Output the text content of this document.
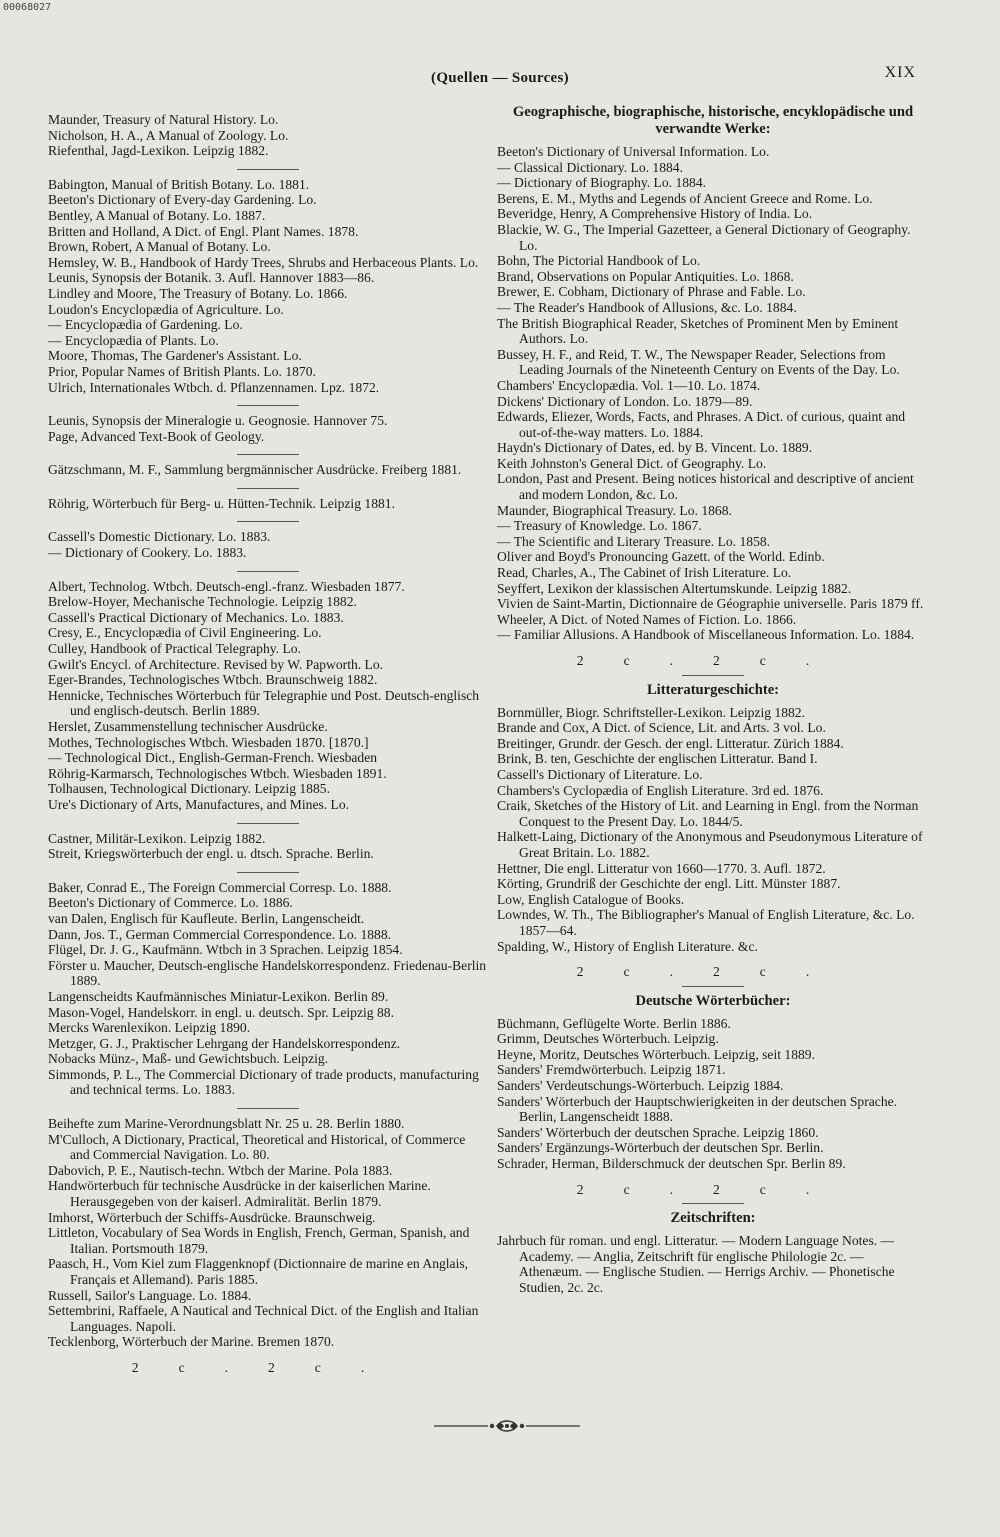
00068027
(Quellen — Sources)	XIX
Maunder, Treasury of Natural History. Lo.
Nicholson, H. A., A Manual of Zoology. Lo.
Riefenthal, Jagd-Lexikon. Leipzig 1882.
Babington, Manual of British Botany. Lo. 1881.
Beeton's Dictionary of Every-day Gardening. Lo.
Bentley, A Manual of Botany. Lo. 1887.
Britten and Holland, A Dict. of Engl. Plant Names. 1878.
Brown, Robert, A Manual of Botany. Lo.
Hemsley, W. B., Handbook of Hardy Trees, Shrubs and Herbaceous Plants. Lo.
Leunis, Synopsis der Botanik. 3. Aufl. Hannover 1883—86.
Lindley and Moore, The Treasury of Botany. Lo. 1866.
Loudon's Encyclopædia of Agriculture. Lo.
— Encyclopædia of Gardening. Lo.
— Encyclopædia of Plants. Lo.
Moore, Thomas, The Gardener's Assistant. Lo.
Prior, Popular Names of British Plants. Lo. 1870.
Ulrich, Internationales Wtbch. d. Pflanzennamen. Lpz. 1872.
Leunis, Synopsis der Mineralogie u. Geognosie. Hannover 75.
Page, Advanced Text-Book of Geology.
Gätzschmann, M. F., Sammlung bergmännischer Ausdrücke. Freiberg 1881.
Röhrig, Wörterbuch für Berg- u. Hütten-Technik. Leipzig 1881.
Cassell's Domestic Dictionary. Lo. 1883.
— Dictionary of Cookery. Lo. 1883.
Albert, Technolog. Wtbch. Deutsch-engl.-franz. Wiesbaden 1877.
Brelow-Hoyer, Mechanische Technologie. Leipzig 1882.
Cassell's Practical Dictionary of Mechanics. Lo. 1883.
Cresy, E., Encyclopædia of Civil Engineering. Lo.
Culley, Handbook of Practical Telegraphy. Lo.
Gwilt's Encycl. of Architecture. Revised by W. Papworth. Lo.
Eger-Brandes, Technologisches Wtbch. Braunschweig 1882.
Hennicke, Technisches Wörterbuch für Telegraphie und Post. Deutsch-englisch und englisch-deutsch. Berlin 1889.
Herslet, Zusammenstellung technischer Ausdrücke.
Mothes, Technologisches Wtbch. Wiesbaden 1870. [1870.]
— Technological Dict., English-German-French. Wiesbaden
Röhrig-Karmarsch, Technologisches Wtbch. Wiesbaden 1891.
Tolhausen, Technological Dictionary. Leipzig 1885.
Ure's Dictionary of Arts, Manufactures, and Mines. Lo.
Castner, Militär-Lexikon. Leipzig 1882.
Streit, Kriegswörterbuch der engl. u. dtsch. Sprache. Berlin.
Baker, Conrad E., The Foreign Commercial Corresp. Lo. 1888.
Beeton's Dictionary of Commerce. Lo. 1886.
van Dalen, Englisch für Kaufleute. Berlin, Langenscheidt.
Dann, Jos. T., German Commercial Correspondence. Lo. 1888.
Flügel, Dr. J. G., Kaufmänn. Wtbch in 3 Sprachen. Leipzig 1854.
Förster u. Maucher, Deutsch-englische Handelskorrespondenz. Friedenau-Berlin 1889.
Langenscheidts Kaufmännisches Miniatur-Lexikon. Berlin 89.
Mason-Vogel, Handelskorr. in engl. u. deutsch. Spr. Leipzig 88.
Mercks Warenlexikon. Leipzig 1890.
Metzger, G. J., Praktischer Lehrgang der Handelskorrespondenz.
Nobacks Münz-, Maß- und Gewichtsbuch. Leipzig.
Simmonds, P. L., The Commercial Dictionary of trade products, manufacturing and technical terms. Lo. 1883.
Beihefte zum Marine-Verordnungsblatt Nr. 25 u. 28. Berlin 1880.
M'Culloch, A Dictionary, Practical, Theoretical and Historical, of Commerce and Commercial Navigation. Lo. 80.
Dabovich, P. E., Nautisch-techn. Wtbch der Marine. Pola 1883.
Handwörterbuch für technische Ausdrücke in der kaiserlichen Marine. Herausgegeben von der kaiserl. Admiralität. Berlin 1879.
Imhorst, Wörterbuch der Schiffs-Ausdrücke. Braunschweig.
Littleton, Vocabulary of Sea Words in English, French, German, Spanish, and Italian. Portsmouth 1879.
Paasch, H., Vom Kiel zum Flaggenknopf (Dictionnaire de marine en Anglais, Français et Allemand). Paris 1885.
Russell, Sailor's Language. Lo. 1884.
Settembrini, Raffaele, A Nautical and Technical Dict. of the English and Italian Languages. Napoli.
Tecklenborg, Wörterbuch der Marine. Bremen 1870.
2c.2c.
Geographische, biographische, historische, encyklopädische und verwandte Werke:
Beeton's Dictionary of Universal Information. Lo.
— Classical Dictionary. Lo. 1884.
— Dictionary of Biography. Lo. 1884.
Berens, E. M., Myths and Legends of Ancient Greece and Rome. Lo.
Beveridge, Henry, A Comprehensive History of India. Lo.
Blackie, W. G., The Imperial Gazetteer, a General Dictionary of Geography. Lo.
Bohn, The Pictorial Handbook of Lo.
Brand, Observations on Popular Antiquities. Lo. 1868.
Brewer, E. Cobham, Dictionary of Phrase and Fable. Lo.
— The Reader's Handbook of Allusions, &c. Lo. 1884.
The British Biographical Reader, Sketches of Prominent Men by Eminent Authors. Lo.
Bussey, H. F., and Reid, T. W., The Newspaper Reader, Selections from Leading Journals of the Nineteenth Century on Events of the Day. Lo.
Chambers' Encyclopædia. Vol. 1—10. Lo. 1874.
Dickens' Dictionary of London. Lo. 1879—89.
Edwards, Eliezer, Words, Facts, and Phrases. A Dict. of curious, quaint and out-of-the-way matters. Lo. 1884.
Haydn's Dictionary of Dates, ed. by B. Vincent. Lo. 1889.
Keith Johnston's General Dict. of Geography. Lo.
London, Past and Present. Being notices historical and descriptive of ancient and modern London, &c. Lo.
Maunder, Biographical Treasury. Lo. 1868.
— Treasury of Knowledge. Lo. 1867.
— The Scientific and Literary Treasure. Lo. 1858.
Oliver and Boyd's Pronouncing Gazett. of the World. Edinb.
Read, Charles, A., The Cabinet of Irish Literature. Lo.
Seyffert, Lexikon der klassischen Altertumskunde. Leipzig 1882.
Vivien de Saint-Martin, Dictionnaire de Géographie universelle. Paris 1879 ff.
Wheeler, A Dict. of Noted Names of Fiction. Lo. 1866.
— Familiar Allusions. A Handbook of Miscellaneous Information. Lo. 1884.
2c.2c.
Litteraturgeschichte:
Bornmüller, Biogr. Schriftsteller-Lexikon. Leipzig 1882.
Brande and Cox, A Dict. of Science, Lit. and Arts. 3 vol. Lo.
Breitinger, Grundr. der Gesch. der engl. Litteratur. Zürich 1884.
Brink, B. ten, Geschichte der englischen Litteratur. Band I.
Cassell's Dictionary of Literature. Lo.
Chambers's Cyclopædia of English Literature. 3rd ed. 1876.
Craik, Sketches of the History of Lit. and Learning in Engl. from the Norman Conquest to the Present Day. Lo. 1844/5.
Halkett-Laing, Dictionary of the Anonymous and Pseudonymous Literature of Great Britain. Lo. 1882.
Hettner, Die engl. Litteratur von 1660—1770. 3. Aufl. 1872.
Körting, Grundriß der Geschichte der engl. Litt. Münster 1887.
Low, English Catalogue of Books.
Lowndes, W. Th., The Bibliographer's Manual of English Literature, &c. Lo. 1857—64.
Spalding, W., History of English Literature. &c.
2c.2c.
Deutsche Wörterbücher:
Büchmann, Geflügelte Worte. Berlin 1886.
Grimm, Deutsches Wörterbuch. Leipzig.
Heyne, Moritz, Deutsches Wörterbuch. Leipzig, seit 1889.
Sanders' Fremdwörterbuch. Leipzig 1871.
Sanders' Verdeutschungs-Wörterbuch. Leipzig 1884.
Sanders' Wörterbuch der Hauptschwierigkeiten in der deutschen Sprache. Berlin, Langenscheidt 1888.
Sanders' Wörterbuch der deutschen Sprache. Leipzig 1860.
Sanders' Ergänzungs-Wörterbuch der deutschen Spr. Berlin.
Schrader, Herman, Bilderschmuck der deutschen Spr. Berlin 89.
2c.2c.
Zeitschriften:
Jahrbuch für roman. und engl. Litteratur. — Modern Language Notes. — Academy. — Anglia, Zeitschrift für englische Philologie 2c. — Athenæum. — Englische Studien. — Herrigs Archiv. — Phonetische Studien, 2c. 2c.
